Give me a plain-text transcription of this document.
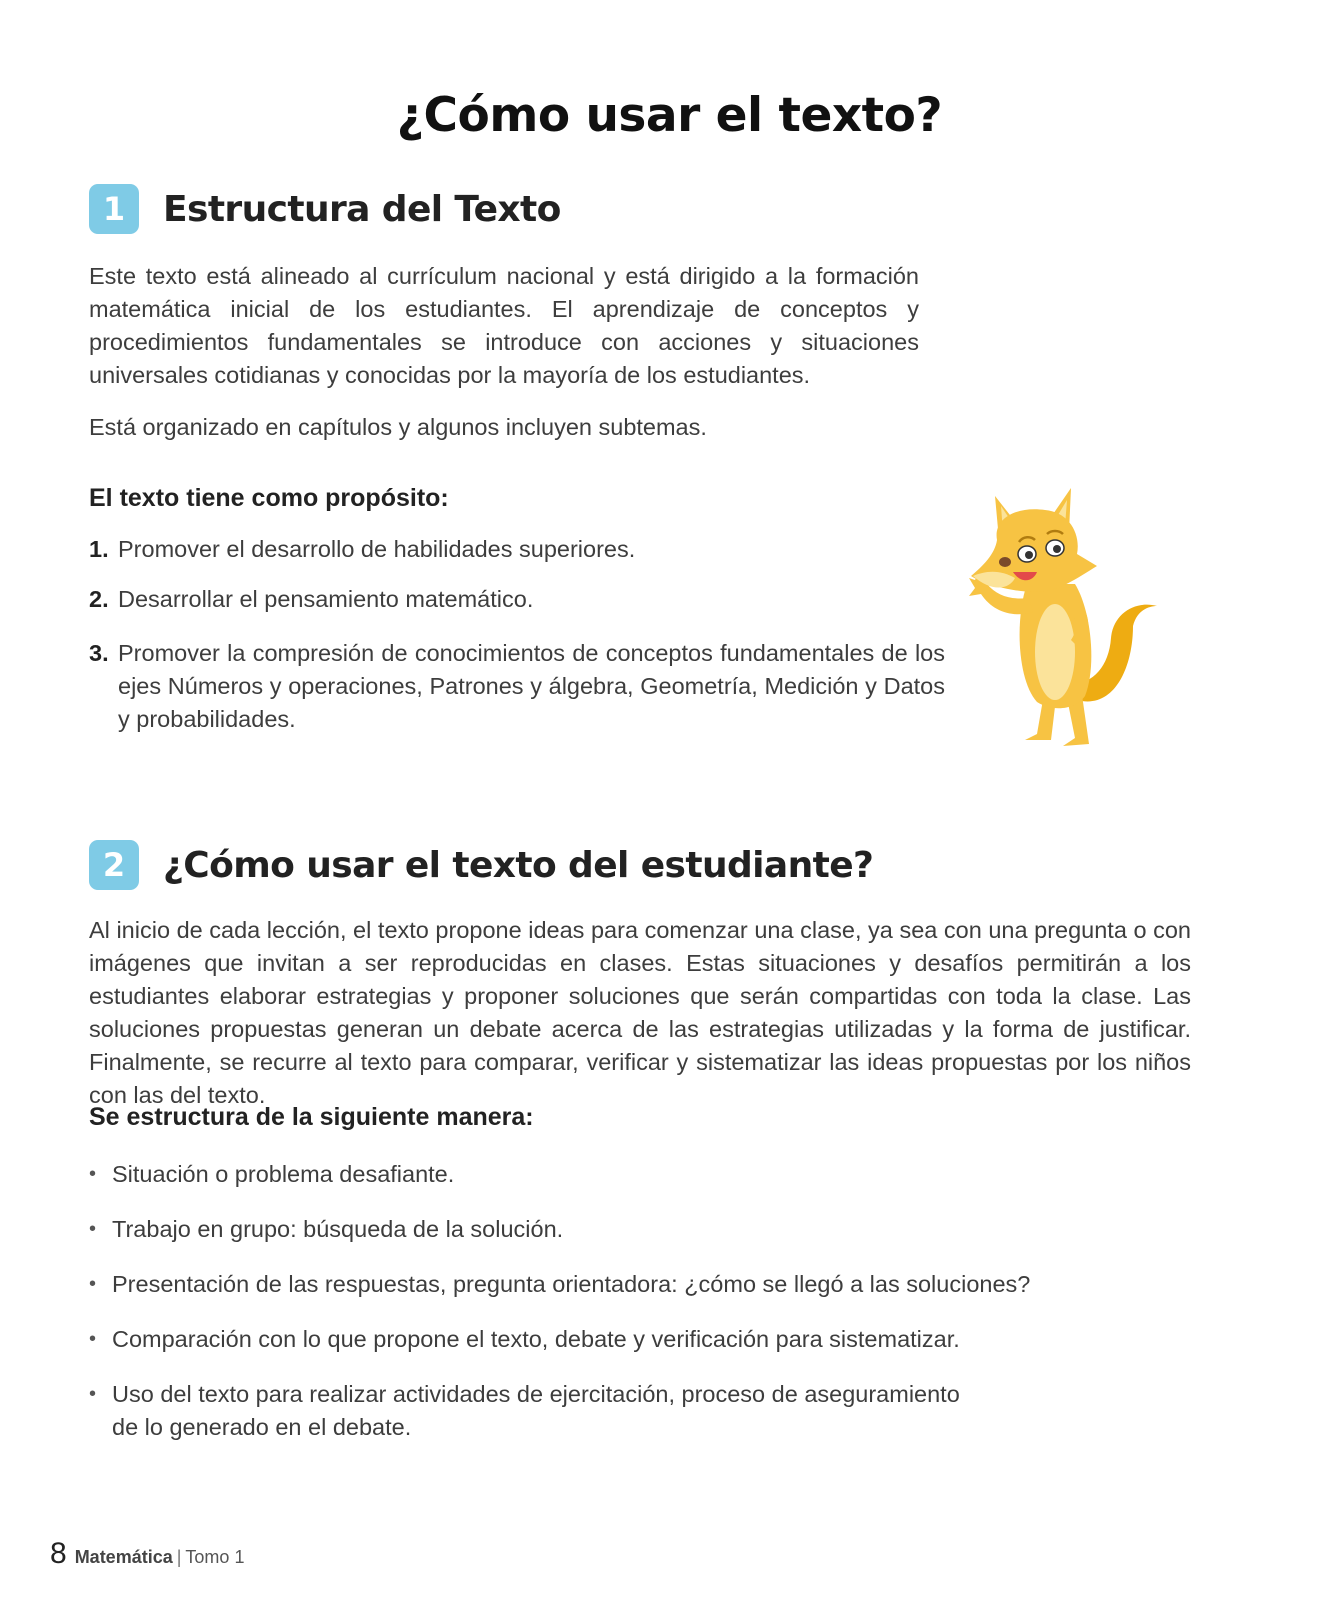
¿Cómo usar el texto?
1	Estructura del Texto

Este texto está alineado al currículum nacional y está dirigido a la formación matemática inicial de los estudiantes. El aprendizaje de conceptos y procedimientos fundamentales se introduce con acciones y situaciones universales cotidianas y conocidas por la mayoría de los estudiantes.

Está organizado en capítulos y algunos incluyen subtemas.

El texto tiene como propósito:
1. Promover el desarrollo de habilidades superiores.
2. Desarrollar el pensamiento matemático.
3. Promover la compresión de conocimientos de conceptos fundamentales de los ejes Números y operaciones, Patrones y álgebra, Geometría, Medición y Datos y probabilidades.
2	¿Cómo usar el texto del estudiante?

Al inicio de cada lección, el texto propone ideas para comenzar una clase, ya sea con una pregunta o con imágenes que invitan a ser reproducidas en clases. Estas situaciones y desafíos permitirán a los estudiantes elaborar estrategias y proponer soluciones que serán compartidas con toda la clase. Las soluciones propuestas generan un debate acerca de las estrategias utilizadas y la forma de justificar. Finalmente, se recurre al texto para comparar, verificar y sistematizar las ideas propuestas por los niños con las del texto.

Se estructura de la siguiente manera:
• Situación o problema desafiante.
• Trabajo en grupo: búsqueda de la solución.
• Presentación de las respuestas, pregunta orientadora: ¿cómo se llegó a las soluciones?
• Comparación con lo que propone el texto, debate y verificación para sistematizar.
• Uso del texto para realizar actividades de ejercitación, proceso de aseguramiento de lo generado en el debate.
8 Matemática | Tomo 1
